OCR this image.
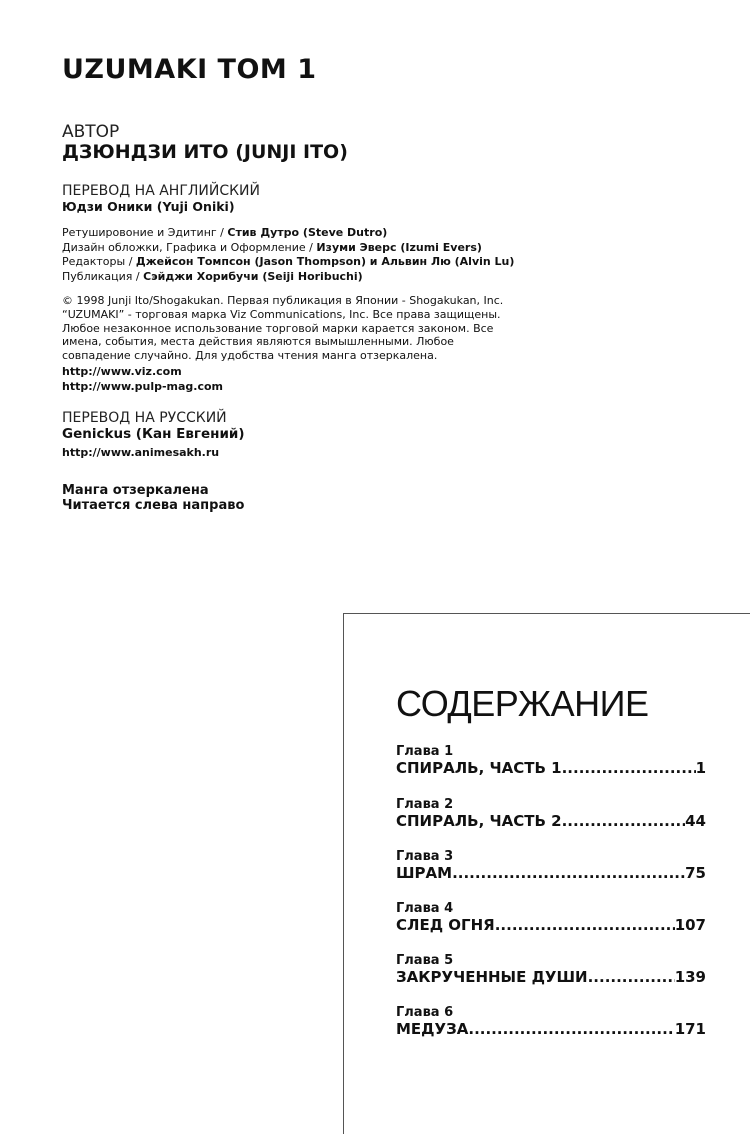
UZUMAKI ТОМ 1
АВТОР
ДЗЮНДЗИ ИТО (JUNJI ITO)
ПЕРЕВОД НА АНГЛИЙСКИЙ
Юдзи Оники (Yuji Oniki)
Ретушировоние и Эдитинг / Стив Дутро (Steve Dutro)
Дизайн обложки, Графика и Оформление / Изуми Эверс (Izumi Evers)
Редакторы / Джейсон Томпсон (Jason Thompson) и Альвин Лю (Alvin Lu)
Публикация / Сэйджи Хорибучи (Seiji Horibuchi)
© 1998 Junji Ito/Shogakukan. Первая публикация в Японии - Shogakukan, Inc.
“UZUMAKI” - торговая марка Viz Communications, Inc. Все права защищены.
Любое незаконное использование торговой марки карается законом. Все
имена, события, места действия являются вымышленными. Любое
совпадение случайно. Для удобства чтения манга отзеркалена.
http://www.viz.com
http://www.pulp-mag.com
ПЕРЕВОД НА РУССКИЙ
Genickus (Кан Евгений)
http://www.animesakh.ru
Манга отзеркалена
Читается слева направо
СОДЕРЖАНИЕ
Глава 1
СПИРАЛЬ, ЧАСТЬ 1 .....	1
Глава 2
СПИРАЛЬ, ЧАСТЬ 2 .....	44
Глава 3
ШРАМ .....	75
Глава 4
СЛЕД ОГНЯ .....	107
Глава 5
ЗАКРУЧЕННЫЕ ДУШИ .....	139
Глава 6
МЕДУЗА .....	171
